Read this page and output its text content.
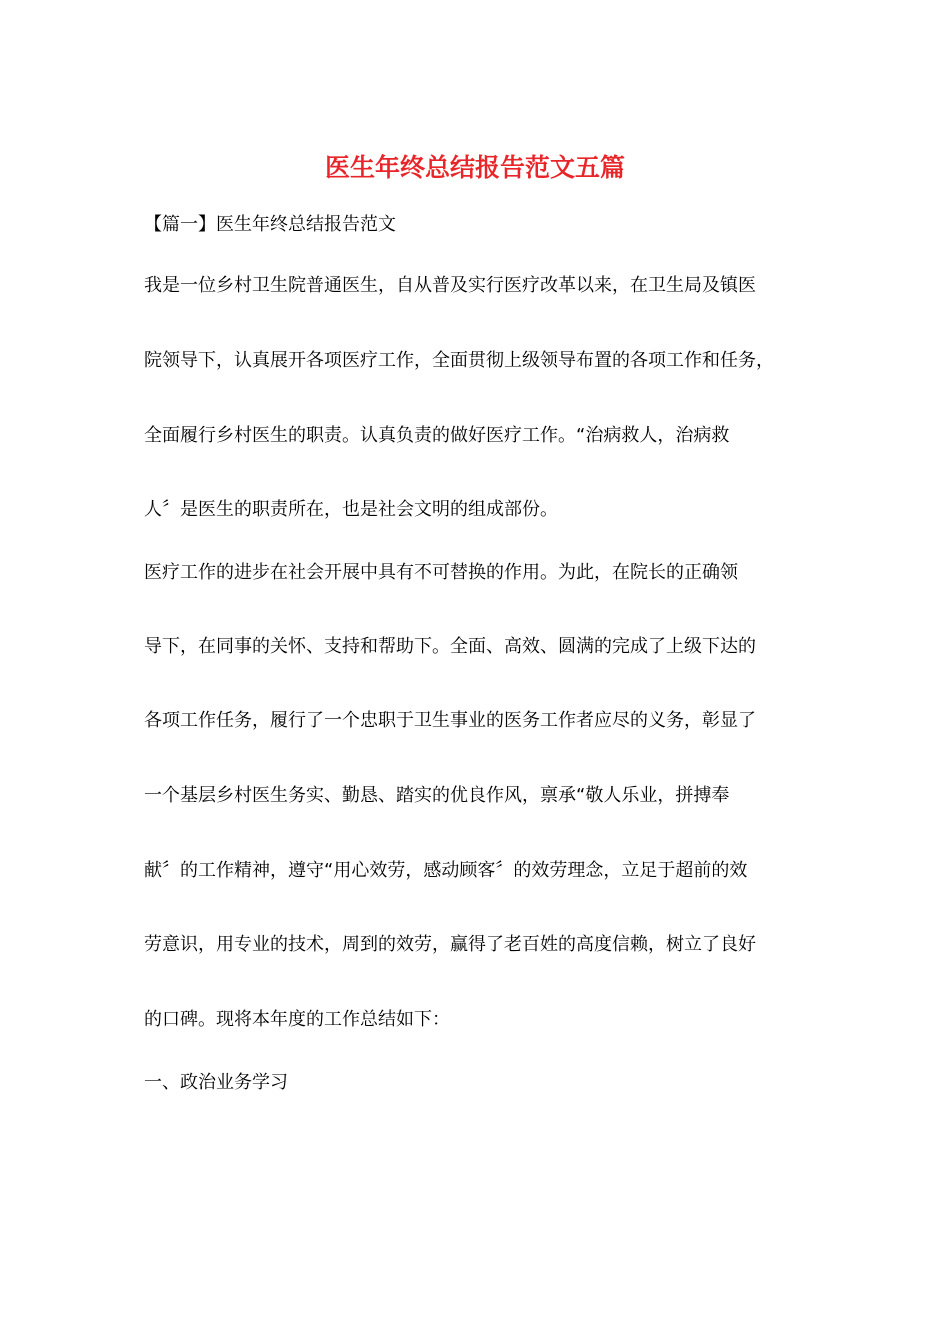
医生年终总结报告范文五篇

【篇一】医生年终总结报告范文

我是一位乡村卫生院普通医生，自从普及实行医疗改革以来，在卫生局及镇医

院领导下，认真展开各项医疗工作，全面贯彻上级领导布置的各项工作和任务，

全面履行乡村医生的职责。认真负责的做好医疗工作。“治病救人，治病救

人〞是医生的职责所在，也是社会文明的组成部份。

医疗工作的进步在社会开展中具有不可替换的作用。为此，在院长的正确领

导下，在同事的关怀、支持和帮助下。全面、高效、圆满的完成了上级下达的

各项工作任务，履行了一个忠职于卫生事业的医务工作者应尽的义务，彰显了

一个基层乡村医生务实、勤恳、踏实的优良作风，禀承“敬人乐业，拼搏奉

献〞的工作精神，遵守“用心效劳，感动顾客〞的效劳理念，立足于超前的效

劳意识，用专业的技术，周到的效劳，赢得了老百姓的高度信赖，树立了良好

的口碑。现将本年度的工作总结如下：

一、政治业务学习
